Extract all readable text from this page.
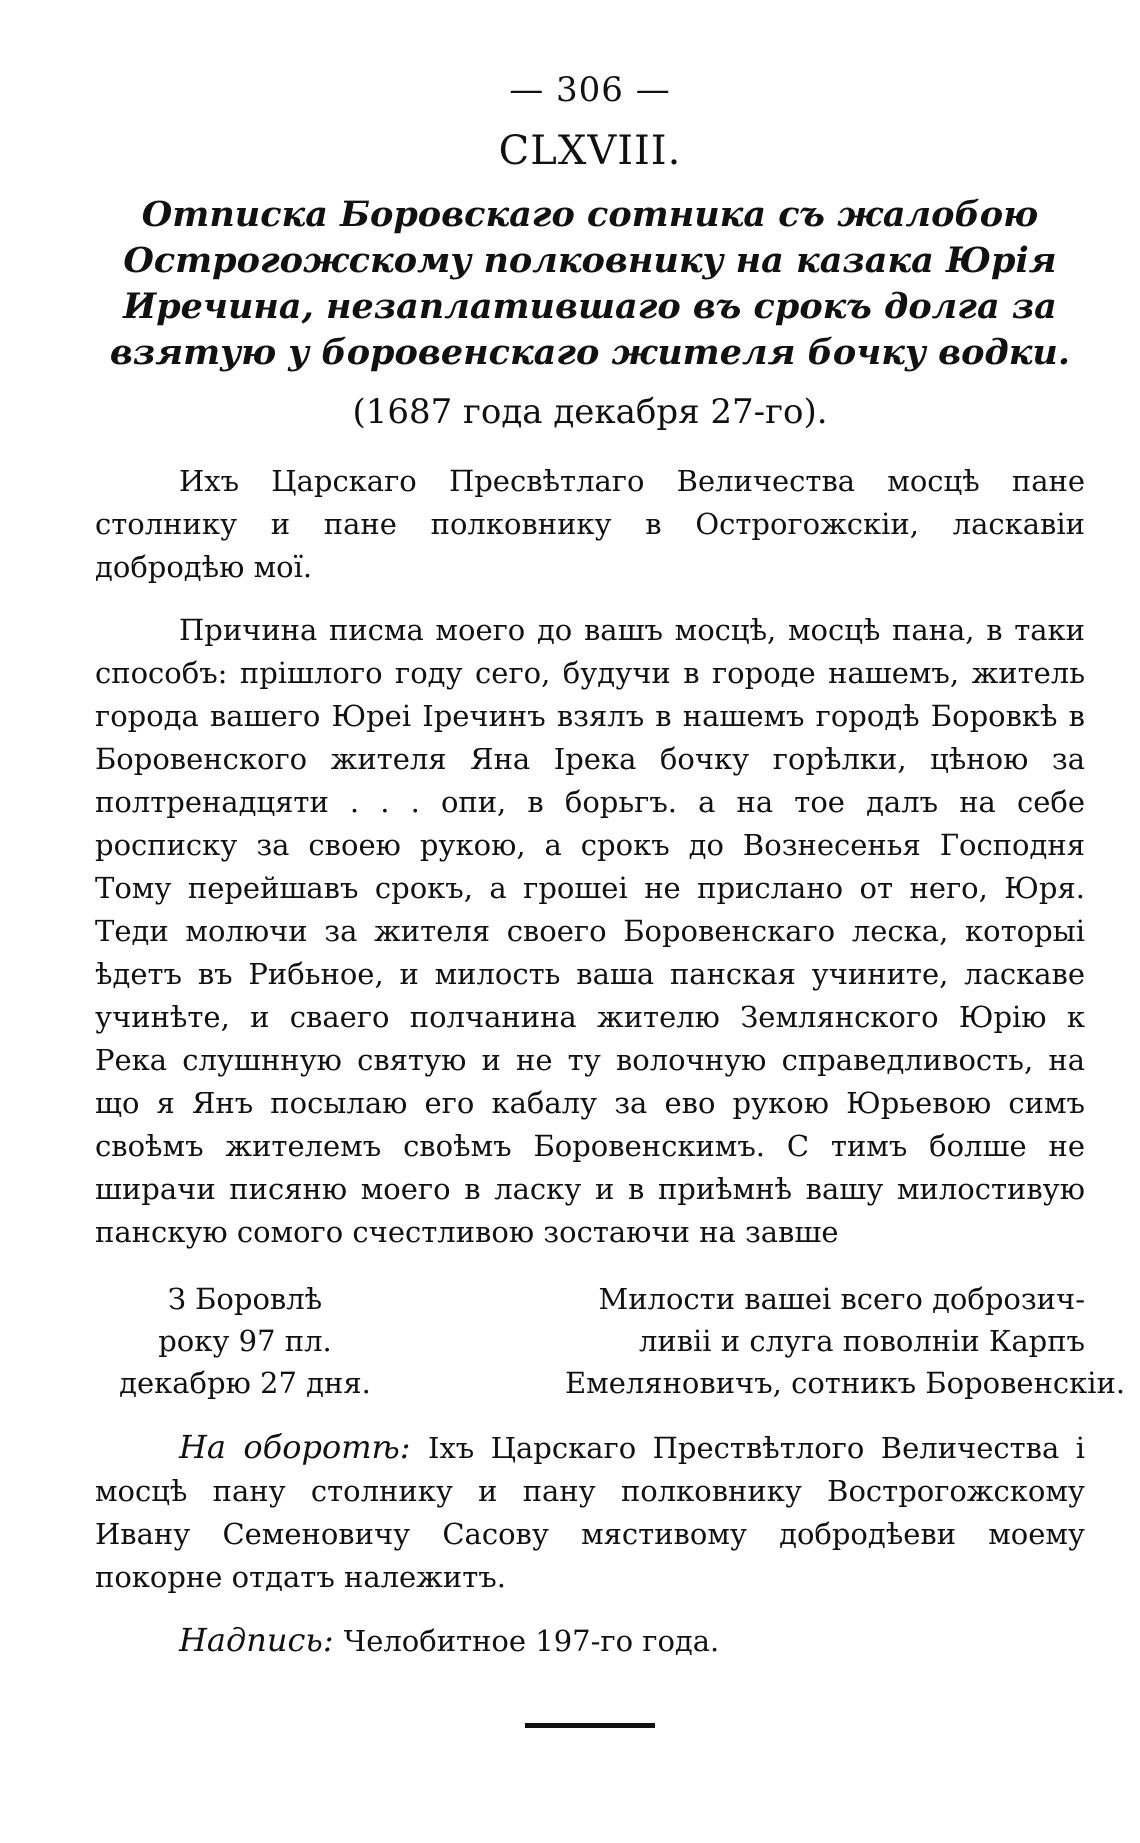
— 306 —
CLXVIII.
Отписка Боровскаго сотника съ жалобою Острогожскому полковнику на казака Юрiя Иречина, незаплатившаго въ срокъ долга за взятую у боровенскаго жителя бочку водки.
(1687 года декабря 27-го).

Ихъ Царскаго Пресвѣтлаго Величества мосцѣ пане столнику и пане полковнику в Острогожскiи, ласкавiи добродѣю мої.

Причина писма моего до вашъ мосцѣ, мосцѣ пана, в таки способъ: прiшлого году сего, будучи в городе нашемъ, житель города вашего Юреi Iречинъ взялъ в нашемъ городѣ Боровкѣ в Боровенского жителя Яна Iрека бочку горѣлки, цѣною за полтренадцяти . . . опи, в борьгъ. а на тое далъ на себе росписку за своею рукою, а срокъ до Вознесенья Господня Тому перейшавъ срокъ, а грошеi не прислано от него, Юря. Теди молючи за жителя своего Боровенскаго леска, которыi ѣдетъ въ Рибьное, и милость ваша панская учините, ласкаве учинѣте, и сваего полчанина жителю Землянского Юрiю к Река слушнную святую и не ту волочную справедливость, на що я Янъ посылаю его кабалу за ево рукою Юрьевою симъ своѣмъ жителемъ своѣмъ Боровенскимъ. С тимъ болше не ширачи писяню моего в ласку и в приѣмнѣ вашу милостивую панскую сомого счестливою зостаючи на завше

З Боровлѣ
року 97 пл.
декабрю 27 дня.
Милости вашеi всего доброзич-
ливii и слуга поволнiи Карпъ
Емеляновичъ, сотникъ Боровенскiи.

На оборотѣ: Iхъ Царскаго Прествѣтлого Величества i мосцѣ пану столнику и пану полковнику Вострогожскому Ивану Семеновичу Сасову мястивому добродѣеви моему покорне отдатъ належитъ.

Надпись: Челобитное 197-го года.
